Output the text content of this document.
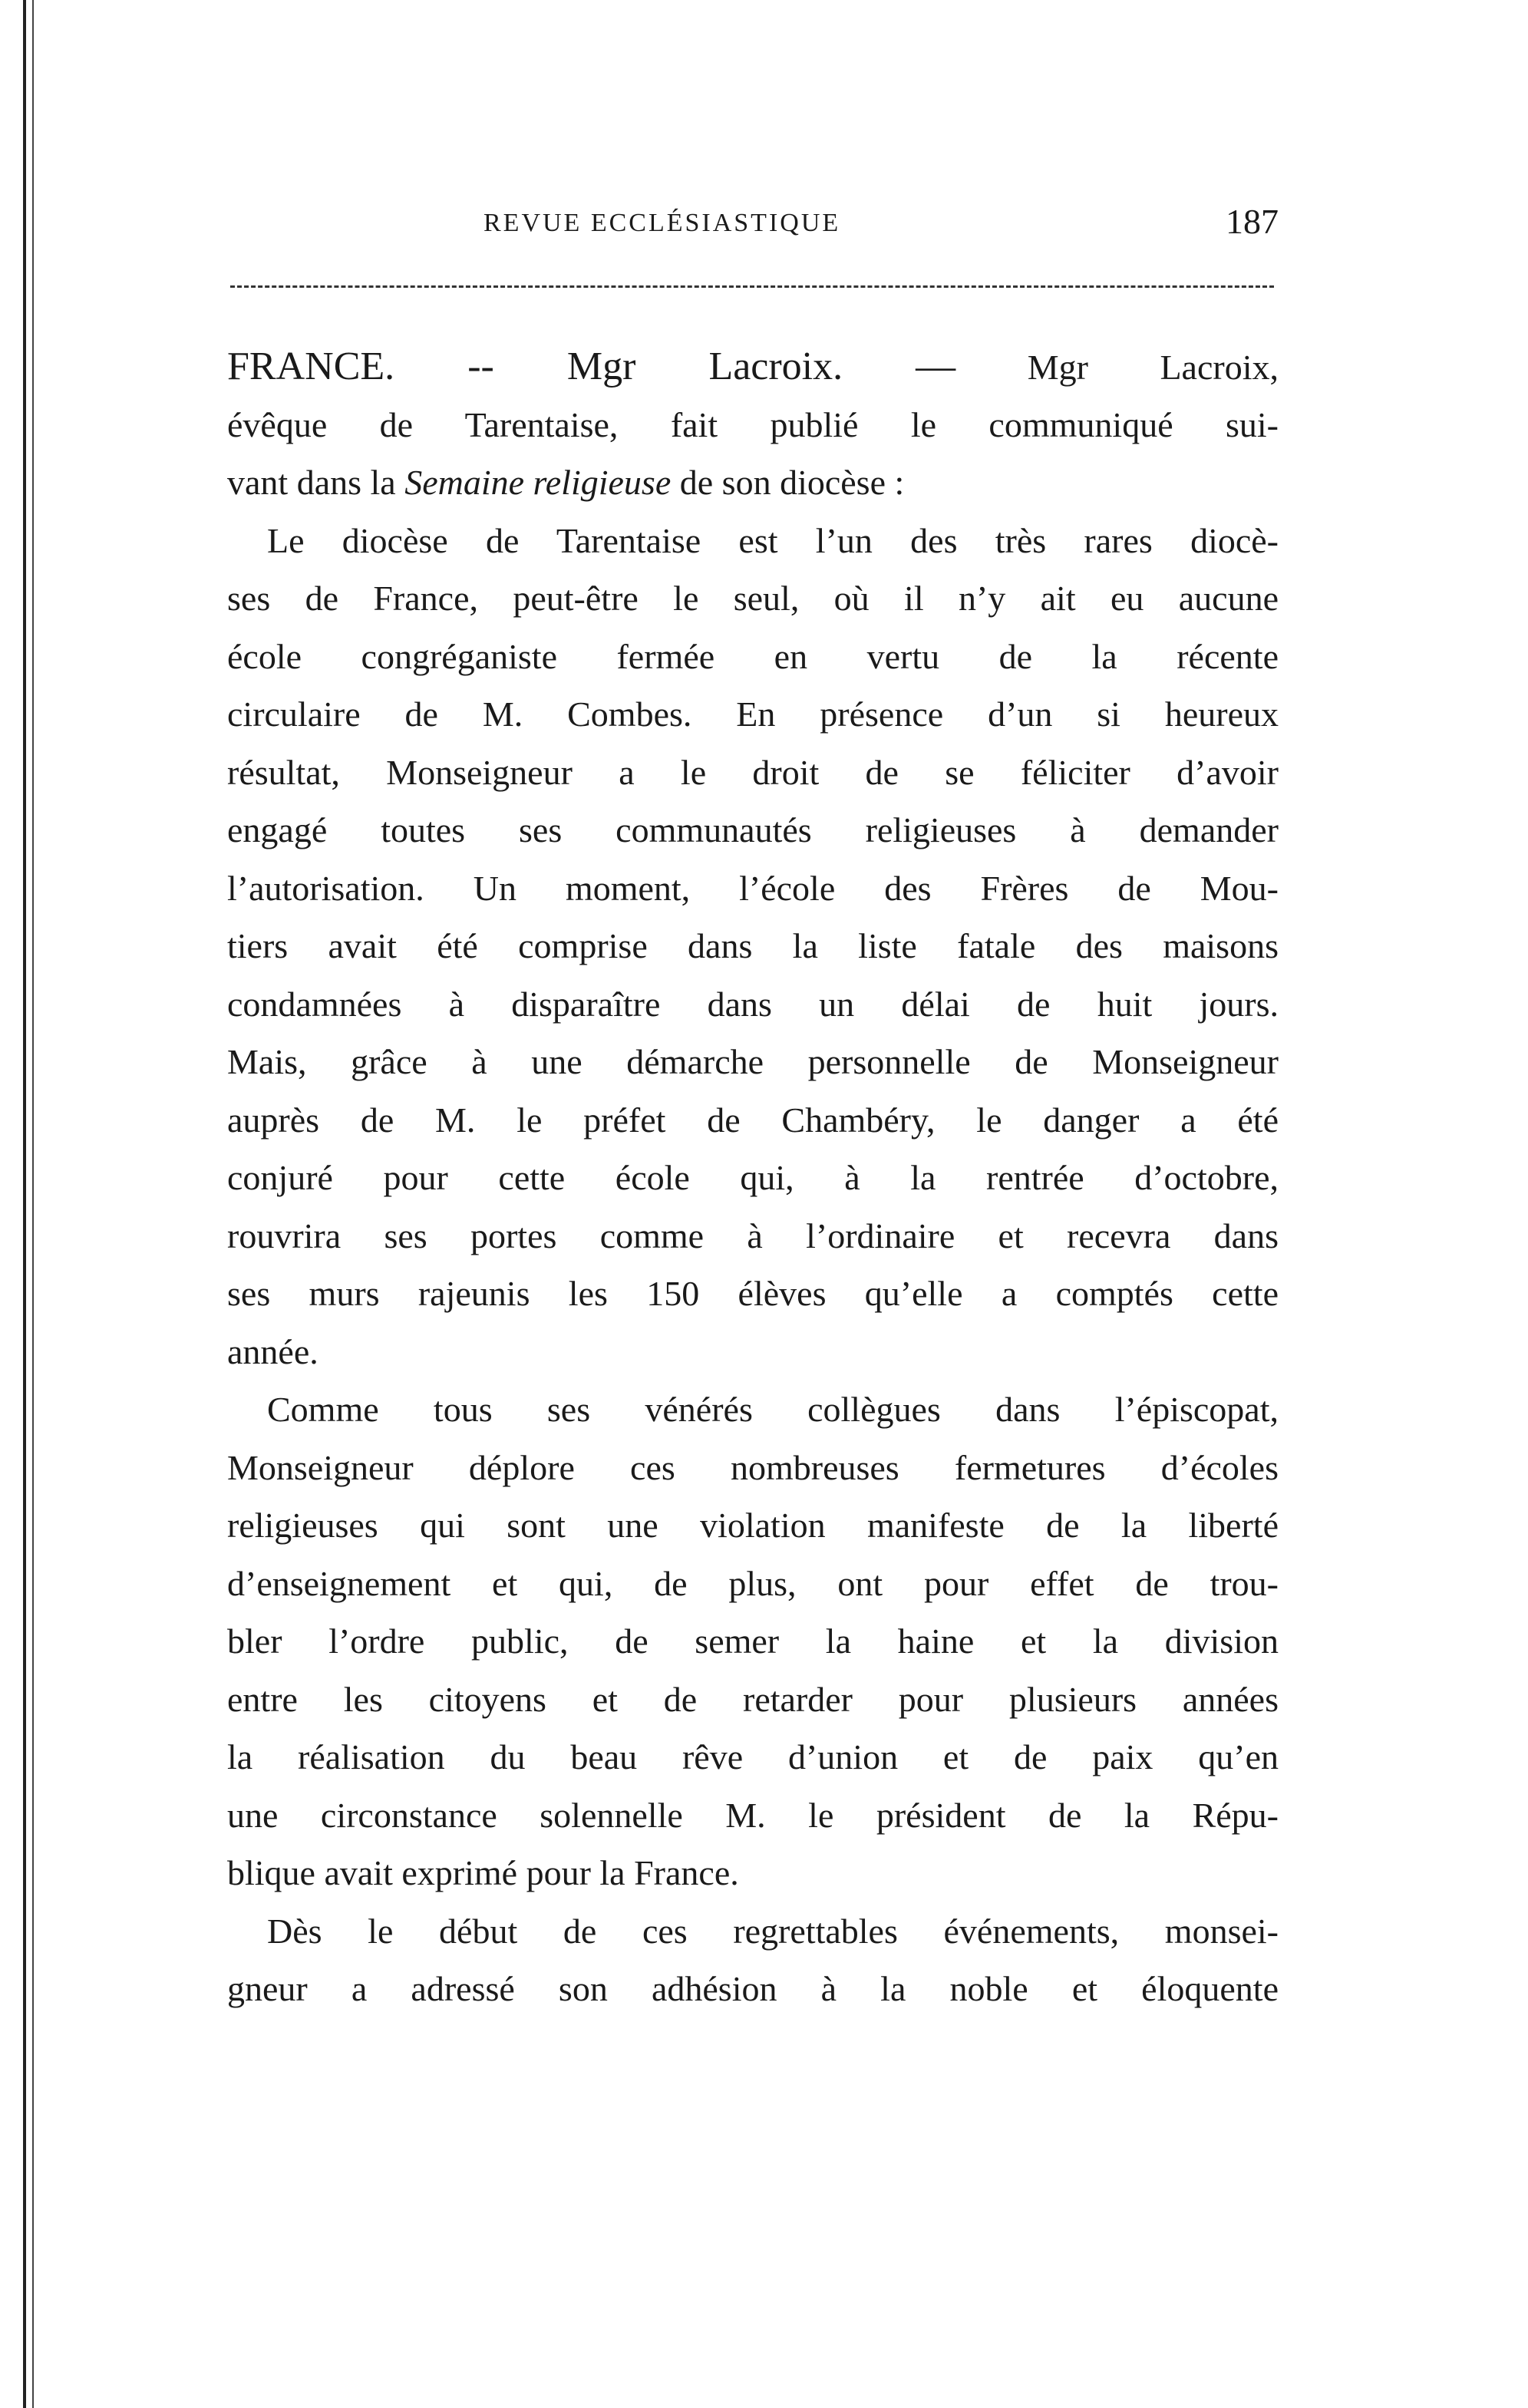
REVUE ECCLÉSIASTIQUE	187
FRANCE. -- Mgr Lacroix. — Mgr Lacroix,
évêque de Tarentaise, fait publié le communiqué sui-
vant dans la Semaine religieuse de son diocèse :
Le diocèse de Tarentaise est l’un des très rares diocè-
ses de France, peut-être le seul, où il n’y ait eu aucune
école congréganiste fermée en vertu de la récente
circulaire de M. Combes. En présence d’un si heureux
résultat, Monseigneur a le droit de se féliciter d’avoir
engagé toutes ses communautés religieuses à demander
l’autorisation. Un moment, l’école des Frères de Mou-
tiers avait été comprise dans la liste fatale des maisons
condamnées à disparaître dans un délai de huit jours.
Mais, grâce à une démarche personnelle de Monseigneur
auprès de M. le préfet de Chambéry, le danger a été
conjuré pour cette école qui, à la rentrée d’octobre,
rouvrira ses portes comme à l’ordinaire et recevra dans
ses murs rajeunis les 150 élèves qu’elle a comptés cette
année.
Comme tous ses vénérés collègues dans l’épiscopat,
Monseigneur déplore ces nombreuses fermetures d’écoles
religieuses qui sont une violation manifeste de la liberté
d’enseignement et qui, de plus, ont pour effet de trou-
bler l’ordre public, de semer la haine et la division
entre les citoyens et de retarder pour plusieurs années
la réalisation du beau rêve d’union et de paix qu’en
une circonstance solennelle M. le président de la Répu-
blique avait exprimé pour la France.
Dès le début de ces regrettables événements, monsei-
gneur a adressé son adhésion à la noble et éloquente
